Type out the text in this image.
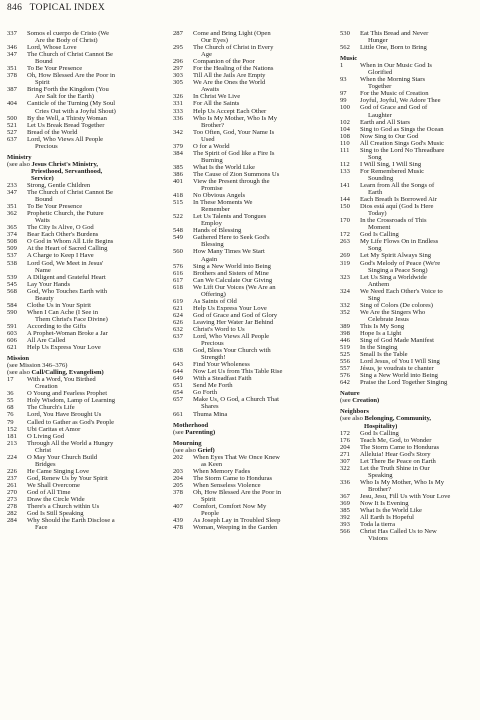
846 TOPICAL INDEX
337	Somos el cuerpo de Cristo (We
Are the Body of Christ)
346	Lord, Whose Love
347	The Church of Christ Cannot Be
Bound
351	To Be Your Presence
378	Oh, How Blessed Are the Poor in
Spirit
387	Bring Forth the Kingdom (You
Are Salt for the Earth)
404	Canticle of the Turning (My Soul
Cries Out with a Joyful Shout)
500	By the Well, a Thirsty Woman
521	Let Us Break Bread Together
527	Bread of the World
637	Lord, Who Views All People
Precious
Ministry
(see also Jesus Christ's Ministry,
Priesthood, Servanthood,
Service)
233	Strong, Gentle Children
347	The Church of Christ Cannot Be
Bound
351	To Be Your Presence
362	Prophetic Church, the Future
Waits
365	The City Is Alive, O God
374	Bear Each Other's Burdens
508	O God in Whom All Life Begins
509	At the Heart of Sacred Calling
537	A Charge to Keep I Have
538	Lord God, We Meet in Jesus'
Name
539	A Diligent and Grateful Heart
545	Lay Your Hands
568	God, Who Touches Earth with
Beauty
584	Clothe Us in Your Spirit
590	When I Can Ache (I See in
Them Christ's Face Divine)
591	According to the Gifts
603	A Prophet-Woman Broke a Jar
606	All Are Called
621	Help Us Express Your Love
Mission
(see Mission 346–376)
(see also Call/Calling, Evangelism)
17	With a Word, You Birthed
Creation
36	O Young and Fearless Prophet
55	Holy Wisdom, Lamp of Learning
68	The Church's Life
76	Lord, You Have Brought Us
79	Called to Gather as God's People
152	Ubi Caritas et Amor
181	O Living God
213	Through All the World a Hungry
Christ
224	O May Your Church Build
Bridges
226	He Came Singing Love
237	God, Renew Us by Your Spirit
261	We Shall Overcome
270	God of All Time
273	Draw the Circle Wide
278	There's a Church within Us
282	God Is Still Speaking
284	Why Should the Earth Disclose a
Face
287	Come and Bring Light (Open
Our Eyes)
295	The Church of Christ in Every
Age
296	Companion of the Poor
297	For the Healing of the Nations
303	Till All the Jails Are Empty
305	We Are the Ones the World
Awaits
326	In Christ We Live
331	For All the Saints
333	Help Us Accept Each Other
336	Who Is My Mother, Who Is My
Brother?
342	Too Often, God, Your Name Is
Used
379	O for a World
384	The Spirit of God like a Fire Is
Burning
385	What Is the World Like
386	The Cause of Zion Summons Us
401	View the Present through the
Promise
418	No Obvious Angels
515	In These Moments We
Remember
522	Let Us Talents and Tongues
Employ
548	Hands of Blessing
549	Gathered Here to Seek God's
Blessing
560	How Many Times We Start
Again
576	Sing a New World into Being
616	Brothers and Sisters of Mine
617	Can We Calculate Our Giving
618	We Lift Our Voices (We Are an
Offering)
619	As Saints of Old
621	Help Us Express Your Love
624	God of Grace and God of Glory
626	Leaving Her Water Jar Behind
632	Christ's Word to Us
637	Lord, Who Views All People
Precious
638	God, Bless Your Church with
Strength!
643	Find Your Wholeness
644	Now Let Us from This Table Rise
649	With a Steadfast Faith
651	Send Me Forth
654	Go Forth
657	Make Us, O God, a Church That
Shares
661	Thuma Mina
Motherhood
(see Parenting)
Mourning
(see also Grief)
202	When Eyes That We Once Knew
as Keen
203	When Memory Fades
204	The Storm Came to Honduras
205	When Senseless Violence
378	Oh, How Blessed Are the Poor in
Spirit
407	Comfort, Comfort Now My
People
439	As Joseph Lay in Troubled Sleep
478	Woman, Weeping in the Garden
530	Eat This Bread and Never
Hunger
562	Little One, Born to Bring
Music
1	When in Our Music God Is
Glorified
93	When the Morning Stars
Together
97	For the Music of Creation
99	Joyful, Joyful, We Adore Thee
100	God of Grace and God of
Laughter
102	Earth and All Stars
104	Sing to God as Sings the Ocean
108	Now Sing to Our God
110	All Creation Sings God's Music
111	Sing to the Lord No Threadbare
Song
112	I Will Sing, I Will Sing
133	For Remembered Music
Sounding
141	Learn from All the Songs of
Earth
144	Each Breath Is Borrowed Air
150	Dios está aquí (God Is Here
Today)
170	In the Crossroads of This
Moment
172	God Is Calling
263	My Life Flows On in Endless
Song
269	Let My Spirit Always Sing
319	God's Melody of Peace (We're
Singing a Peace Song)
323	Let Us Sing a Worldwide
Anthem
324	We Need Each Other's Voice to
Sing
332	Sing of Colors (De colores)
352	We Are the Singers Who
Celebrate Jesus
389	This Is My Song
398	Hope Is a Light
446	Sing of God Made Manifest
519	In the Singing
525	Small Is the Table
556	Lord Jesus, of You I Will Sing
557	Jésus, je voudrais te chanter
576	Sing a New World into Being
642	Praise the Lord Together Singing
Nature
(see Creation)
Neighbors
(see also Belonging, Community,
Hospitality)
172	God Is Calling
176	Teach Me, God, to Wonder
204	The Storm Came to Honduras
271	Alleluia! Hear God's Story
307	Let There Be Peace on Earth
322	Let the Truth Shine in Our
Speaking
336	Who Is My Mother, Who Is My
Brother?
367	Jesu, Jesu, Fill Us with Your Love
369	Now It Is Evening
385	What Is the World Like
392	All Earth Is Hopeful
393	Toda la tierra
566	Christ Has Called Us to New
Visions
